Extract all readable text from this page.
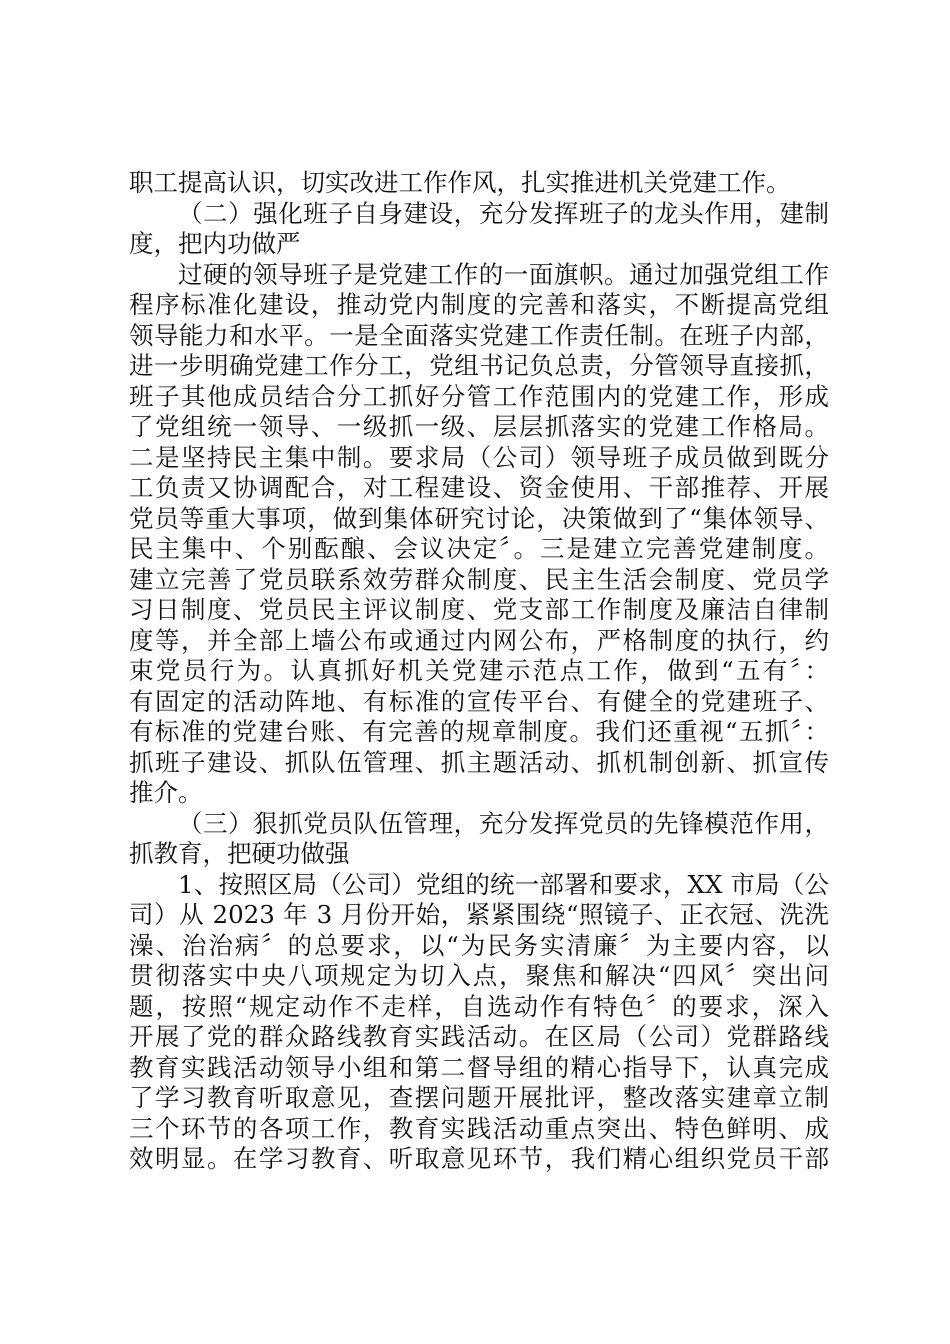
职工提高认识，切实改进工作作风，扎实推进机关党建工作。
（二）强化班子自身建设，充分发挥班子的龙头作用，建制
度，把内功做严
过硬的领导班子是党建工作的一面旗帜。通过加强党组工作
程序标准化建设，推动党内制度的完善和落实，不断提高党组
领导能力和水平。一是全面落实党建工作责任制。在班子内部，
进一步明确党建工作分工，党组书记负总责，分管领导直接抓，
班子其他成员结合分工抓好分管工作范围内的党建工作，形成
了党组统一领导、一级抓一级、层层抓落实的党建工作格局。
二是坚持民主集中制。要求局（公司）领导班子成员做到既分
工负责又协调配合，对工程建设、资金使用、干部推荐、开展
党员等重大事项，做到集体研究讨论，决策做到了“集体领导、
民主集中、个别酝酿、会议决定〞。三是建立完善党建制度。
建立完善了党员联系效劳群众制度、民主生活会制度、党员学
习日制度、党员民主评议制度、党支部工作制度及廉洁自律制
度等，并全部上墙公布或通过内网公布，严格制度的执行，约
束党员行为。认真抓好机关党建示范点工作，做到“五有〞：
有固定的活动阵地、有标准的宣传平台、有健全的党建班子、
有标准的党建台账、有完善的规章制度。我们还重视“五抓〞：
抓班子建设、抓队伍管理、抓主题活动、抓机制创新、抓宣传
推介。
（三）狠抓党员队伍管理，充分发挥党员的先锋模范作用，
抓教育，把硬功做强
1、按照区局（公司）党组的统一部署和要求，XX 市局（公
司）从 2023 年 3 月份开始，紧紧围绕“照镜子、正衣冠、洗洗
澡、治治病〞的总要求，以“为民务实清廉〞为主要内容，以
贯彻落实中央八项规定为切入点，聚焦和解决“四风〞突出问
题，按照“规定动作不走样，自选动作有特色〞的要求，深入
开展了党的群众路线教育实践活动。在区局（公司）党群路线
教育实践活动领导小组和第二督导组的精心指导下，认真完成
了学习教育听取意见，查摆问题开展批评，整改落实建章立制
三个环节的各项工作，教育实践活动重点突出、特色鲜明、成
效明显。在学习教育、听取意见环节，我们精心组织党员干部
